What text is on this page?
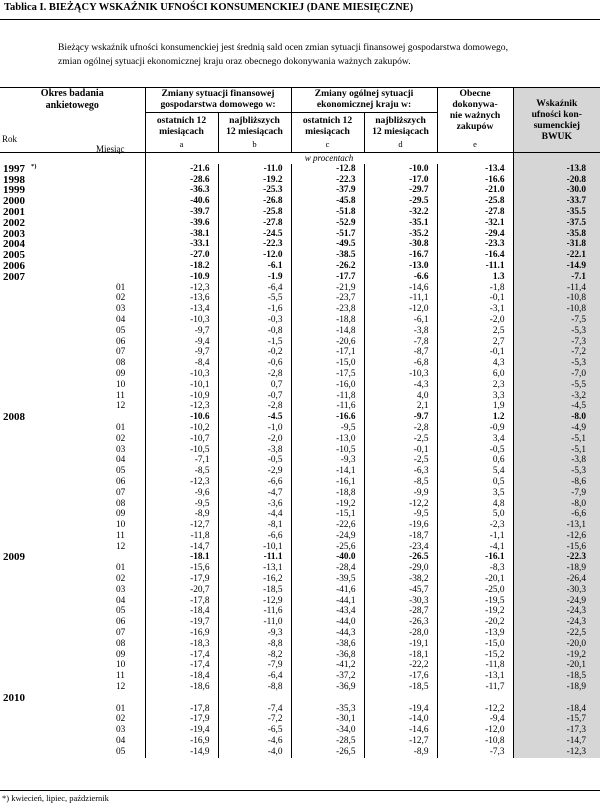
Tablica I. BIEŻĄCY WSKAŹNIK UFNOŚCI KONSUMENCKIEJ (DANE MIESIĘCZNE)

Bieżący wskaźnik ufności konsumenckiej jest średnią sald ocen zmian sytuacji finansowej gospodarstwa domowego,

zmian ogólnej sytuacji ekonomicznej kraju oraz obecnego dokonywania ważnych zakupów.

Okres badania
ankietowego
Rok
Miesiąc	Zmiany sytuacji finansowej
gospodarstwa domowego w:		Zmiany ogólnej sytuacji
ekonomicznej kraju w:		Obecne
dokonywa-
nie ważnych
zakupów	Wskaźnik
ufności kon-
sumenckiej
BWUK
	ostatnich 12
miesiącach	najbliższych
12 miesiącach	ostatnich 12
miesiącach	najbliższych
12 miesiącach		
	a	b	c	d	e	
	w procentach					

1997 *)	-21.6	-11.0	-12.8	-10.0	-13.4	-13.8

1998	-28.6	-19.2	-22.3	-17.0	-16.6	-20.8

1999	-36.3	-25.3	-37.9	-29.7	-21.0	-30.0

2000	-40.6	-26.8	-45.8	-29.5	-25.8	-33.7

2001	-39.7	-25.8	-51.8	-32.2	-27.8	-35.5

2002	-39.6	-27.8	-52.9	-35.1	-32.1	-37.5

2003	-38.1	-24.5	-51.7	-35.2	-29.4	-35.8

2004	-33.1	-22.3	-49.5	-30.8	-23.3	-31.8

2005	-27.0	-12.0	-38.5	-16.7	-16.4	-22.1

2006	-18.2	-6.1	-26.2	-13.0	-11.1	-14.9

2007	-10.9	-1.9	-17.7	-6.6	1.3	-7.1

01	-12,3	-6,4	-21,9	-14,6	-1,8	-11,4

02	-13,6	-5,5	-23,7	-11,1	-0,1	-10,8

03	-13,4	-1,6	-23,8	-12,0	-3,1	-10,8

04	-10,3	-0,3	-18,8	-6,1	-2,0	-7,5

05	-9,7	-0,8	-14,8	-3,8	2,5	-5,3

06	-9,4	-1,5	-20,6	-7,8	2,7	-7,3

07	-9,7	-0,2	-17,1	-8,7	-0,1	-7,2

08	-8,4	-0,6	-15,0	-6,8	4,3	-5,3

09	-10,3	-2,8	-17,5	-10,3	6,0	-7,0

10	-10,1	0,7	-16,0	-4,3	2,3	-5,5

11	-10,9	-0,7	-11,8	4,0	3,3	-3,2

12	-12,3	-2,8	-11,6	2,1	1,9	-4,5

2008	-10.6	-4.5	-16.6	-9.7	1.2	-8.0

01	-10,2	-1,0	-9,5	-2,8	-0,9	-4,9

02	-10,7	-2,0	-13,0	-2,5	3,4	-5,1

03	-10,5	-3,8	-10,5	-0,1	-0,5	-5,1

04	-7,1	-0,5	-9,3	-2,5	0,6	-3,8

05	-8,5	-2,9	-14,1	-6,3	5,4	-5,3

06	-12,3	-6,6	-16,1	-8,5	0,5	-8,6

07	-9,6	-4,7	-18,8	-9,9	3,5	-7,9

08	-9,5	-3,6	-19,2	-12,2	4,8	-8,0

09	-8,9	-4,4	-15,1	-9,5	5,0	-6,6

10	-12,7	-8,1	-22,6	-19,6	-2,3	-13,1

11	-11,8	-6,6	-24,9	-18,7	-1,1	-12,6

12	-14,7	-10,1	-25,6	-23,4	-4,1	-15,6

2009	-18.1	-11.1	-40.0	-26.5	-16.1	-22.3

01	-15,6	-13,1	-28,4	-29,0	-8,3	-18,9

02	-17,9	-16,2	-39,5	-38,2	-20,1	-26,4

03	-20,7	-18,5	-41,6	-45,7	-25,0	-30,3

04	-17,8	-12,9	-44,1	-30,3	-19,5	-24,9

05	-18,4	-11,6	-43,4	-28,7	-19,2	-24,3

06	-19,7	-11,0	-44,0	-26,3	-20,2	-24,3

07	-16,9	-9,3	-44,3	-28,0	-13,9	-22,5

08	-18,3	-8,8	-38,6	-19,1	-15,0	-20,0

09	-17,4	-8,2	-36,8	-18,1	-15,2	-19,2

10	-17,4	-7,9	-41,2	-22,2	-11,8	-20,1

11	-18,4	-6,4	-37,2	-17,6	-13,1	-18,5

12	-18,6	-8,8	-36,9	-18,5	-11,7	-18,9

2010						

01	-17,8	-7,4	-35,3	-19,4	-12,2	-18,4

02	-17,9	-7,2	-30,1	-14,0	-9,4	-15,7

03	-19,4	-6,5	-34,0	-14,6	-12,0	-17,3

04	-16,9	-4,6	-28,5	-12,7	-10,8	-14,7

05	-14,9	-4,0	-26,5	-8,9	-7,3	-12,3
*) kwiecień, lipiec, październik
